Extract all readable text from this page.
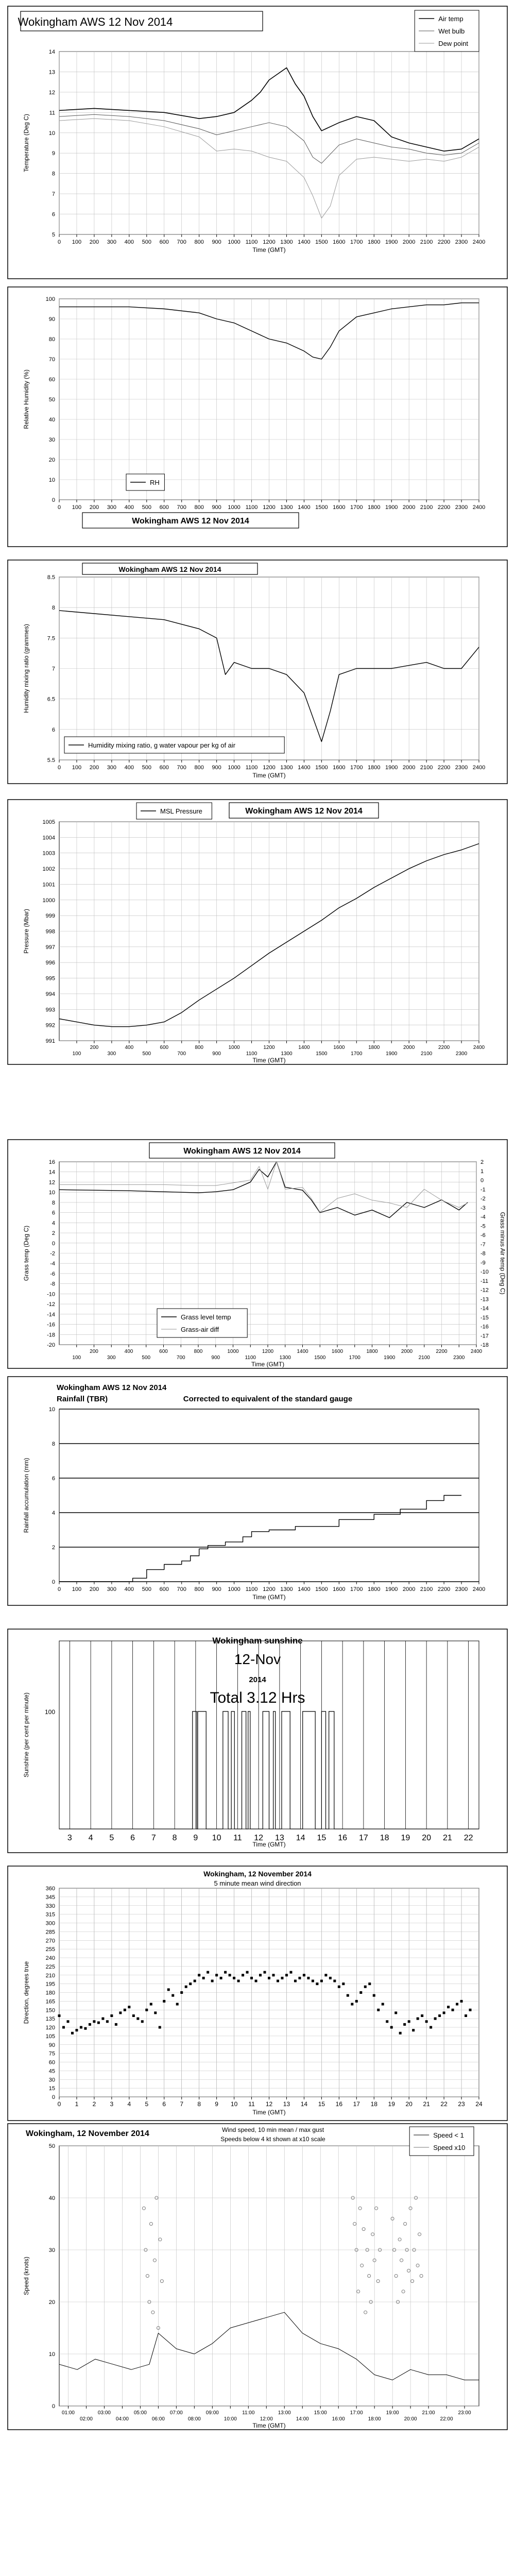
0 100 200 300 400 500 600 700 800 900 1000 1100 1200 1300 1400 1500 1600 1700 1800 1900 2000 2100 2200 2300 2400
5
6
7
8
9
10
11
12
13
14
Time (GMT)
Temperature (Deg C)
Wokingham AWS 12 Nov 2014	Air temp
Wet bulb
Dew point
0 100 200 300 400 500 600 700 800 900 1000 1100 1200 1300 1400 1500 1600 1700 1800 1900 2000 2100 2200 2300 2400
0
10
20
30
40
50
60
70
80
90
100
Relative Humidity (%)
Wokingham AWS 12 Nov 2014
RH
0 100 200 300 400 500 600 700 800 900 1000 1100 1200 1300 1400 1500 1600 1700 1800 1900 2000 2100 2200 2300 2400
5.5
6
6.5
7
7.5
8
8.5
Time (GMT)
Humidity mixing ratio (grammes)
Wokingham AWS 12 Nov 2014
Humidity mixing ratio, g water vapour per kg of air
100
200
300
400
500
600
700
800
900
1000
1100
1200
1300
1400
1500
1600
1700
1800
1900
2000
2100
2200
2300
2400
991
992
993
994
995
996
997
998
999
1000
1001
1002
1003
1004
1005
Time (GMT)
Pressure (Mbar)
Wokingham AWS 12 Nov 2014
MSL Pressure
100
200
300
400
500
600
700
800
900
1000
1100
1200
1300
1400
1500
1600
1700
1800
1900
2000
2100
2200
2300
2400
16
14
12
10
8
6
4
2
0
-2
-4
-6
-8
-10
-12
-14
-16
-18
-20
2
1
0
-1
-2
-3
-4
-5
-6
-7
-8
-9
-10
-11
-12
-13
-14
-15
-16
-17
-18
Time (GMT)
Grass temp (Deg C)	Grass minus Air temp (Deg C)
Wokingham AWS 12 Nov 2014
Grass level temp
Grass-air diff
0 100 200 300 400 500 600 700 800 900 1000 1100 1200 1300 1400 1500 1600 1700 1800 1900 2000 2100 2200 2300 2400
0
2
4
6
8
10
Time (GMT)
Rainfall accumulation (mm)
Wokingham AWS 12 Nov 2014
Rainfall (TBR)	Corrected to equivalent of the standard gauge
3 4 5 6 7 8 9 10 11 12 13 14 15 16 17 18 19 20 21 22
100
Time (GMT)
Sunshine (per cent per minute)
Wokingham sunshine
12-Nov
2014
Total 3.12 Hrs
0 1 2 3 4 5 6 7 8 9 10 11 12 13 14 15 16 17 18 19 20 21 22 23 24
0
15
30
45
60
75
90
105
120
135
150
165
180
195
210
225
240
255
270
285
300
315
330
345
360
Time (GMT)
Direction, degrees true
Wokingham, 12 November 2014
5 minute mean wind direction
01:00
02:00
03:00
04:00
05:00
06:00
07:00
08:00
09:00
10:00
11:00
12:00
13:00
14:00
15:00
16:00
17:00
18:00
19:00
20:00
21:00
22:00
23:00
0
10
20
30
40
50
Time (GMT)
Speed (knots)
Wokingham, 12 November 2014	Wind speed, 10 min mean / max gust
Speeds below 4 kt shown at x10 scale	Speed < 1
Speed x10
